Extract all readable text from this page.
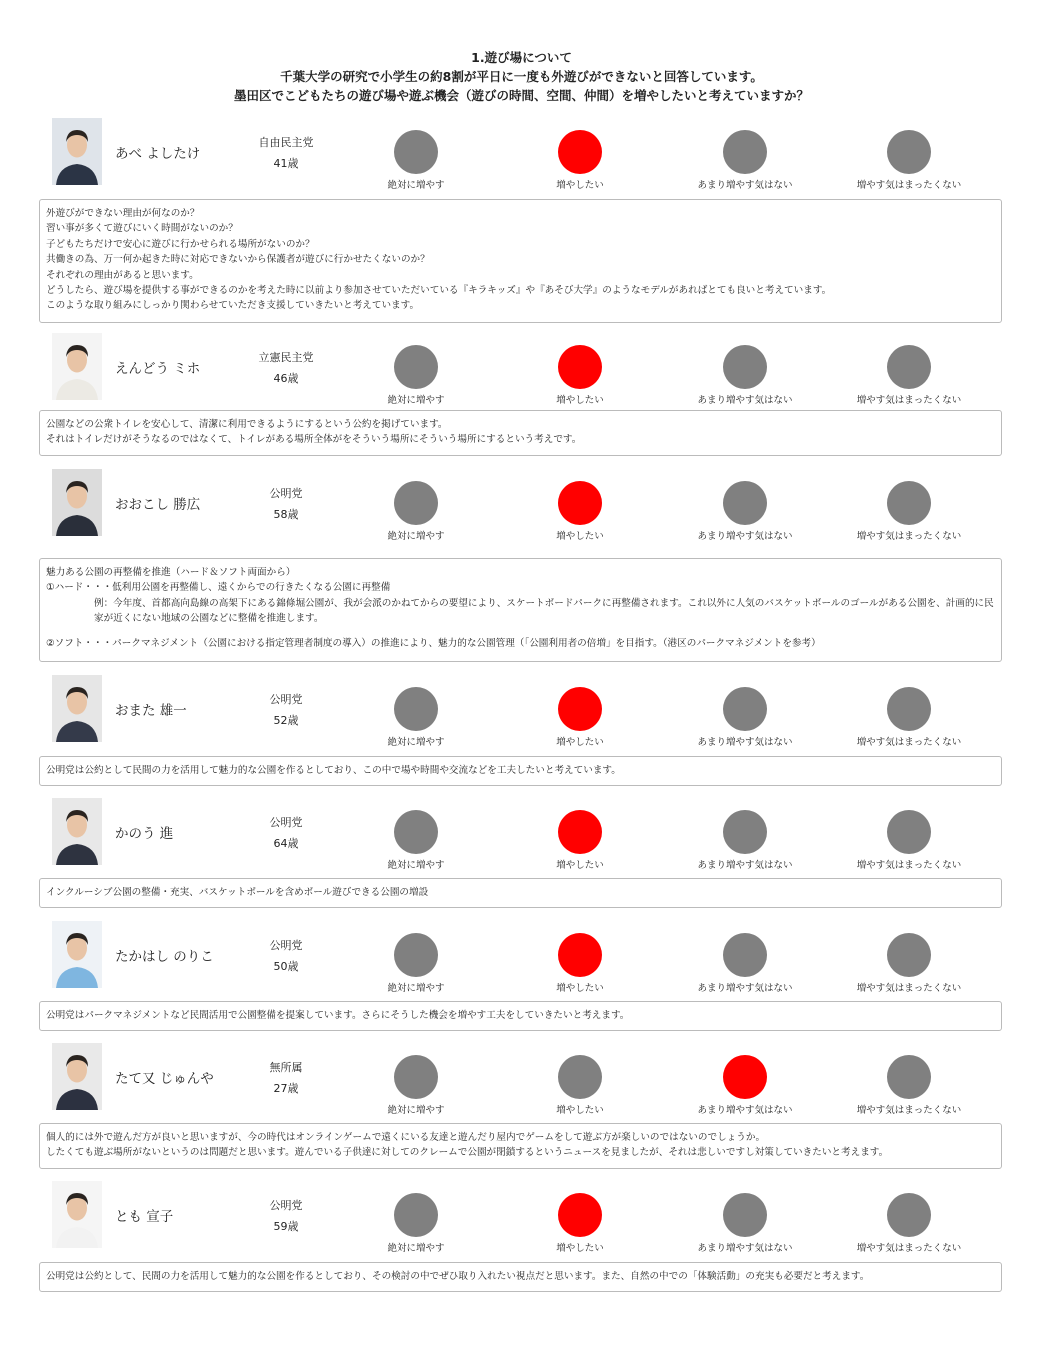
1.遊び場について
千葉大学の研究で小学生の約8割が平日に一度も外遊びができないと回答しています。
墨田区でこどもたちの遊び場や遊ぶ機会（遊びの時間、空間、仲間）を増やしたいと考えていますか？
あべ よしたけ
自由民主党
41歳
絶対に増やす	増やしたい	あまり増やす気はない	増やす気はまったくない
外遊びができない理由が何なのか？
習い事が多くて遊びにいく時間がないのか？
子どもたちだけで安心に遊びに行かせられる場所がないのか？
共働きの為、万一何か起きた時に対応できないから保護者が遊びに行かせたくないのか？
それぞれの理由があると思います。
どうしたら、遊び場を提供する事ができるのかを考えた時に以前より参加させていただいている『キラキッズ』や『あそび大学』のようなモデルがあればとても良いと考えています。
このような取り組みにしっかり関わらせていただき支援していきたいと考えています。
えんどう ミホ
立憲民主党
46歳
絶対に増やす	増やしたい	あまり増やす気はない	増やす気はまったくない
公園などの公衆トイレを安心して、清潔に利用できるようにするという公約を掲げています。
それはトイレだけがそうなるのではなくて、トイレがある場所全体がをそういう場所にそういう場所にするという考えです。
おおこし 勝広
公明党
58歳
絶対に増やす	増やしたい	あまり増やす気はない	増やす気はまったくない
魅力ある公園の再整備を推進（ハード＆ソフト両面から）
①ハード・・・低利用公園を再整備し、遠くからでの行きたくなる公園に再整備
例：今年度、首都高向島線の高架下にある錦條堀公園が、我が会派のかねてからの要望により、スケートボードパークに再整備されます。これ以外に人気のバスケットボールのゴールがある公園を、計画的に民家が近くにない地域の公園などに整備を推進します。
②ソフト・・・パークマネジメント（公園における指定管理者制度の導入）の推進により、魅力的な公園管理（「公園利用者の倍増」を目指す。（港区のパークマネジメントを参考）
おまた 雄一
公明党
52歳
絶対に増やす	増やしたい	あまり増やす気はない	増やす気はまったくない
公明党は公約として民間の力を活用して魅力的な公園を作るとしており、この中で場や時間や交流などを工夫したいと考えています。
かのう 進
公明党
64歳
絶対に増やす	増やしたい	あまり増やす気はない	増やす気はまったくない
インクルーシブ公園の整備・充実、バスケットボールを含めボール遊びできる公園の増設
たかはし のりこ
公明党
50歳
絶対に増やす	増やしたい	あまり増やす気はない	増やす気はまったくない
公明党はパークマネジメントなど民間活用で公園整備を提案しています。さらにそうした機会を増やす工夫をしていきたいと考えます。
たて又 じゅんや
無所属
27歳
絶対に増やす	増やしたい	あまり増やす気はない	増やす気はまったくない
個人的には外で遊んだ方が良いと思いますが、今の時代はオンラインゲームで遠くにいる友達と遊んだり屋内でゲームをして遊ぶ方が楽しいのではないのでしょうか。
したくても遊ぶ場所がないというのは問題だと思います。遊んでいる子供達に対してのクレームで公園が閉鎖するというニュースを見ましたが、それは悲しいですし対策していきたいと考えます。
とも 宣子
公明党
59歳
絶対に増やす	増やしたい	あまり増やす気はない	増やす気はまったくない
公明党は公約として、民間の力を活用して魅力的な公園を作るとしており、その検討の中でぜひ取り入れたい視点だと思います。また、自然の中での「体験活動」の充実も必要だと考えます。
